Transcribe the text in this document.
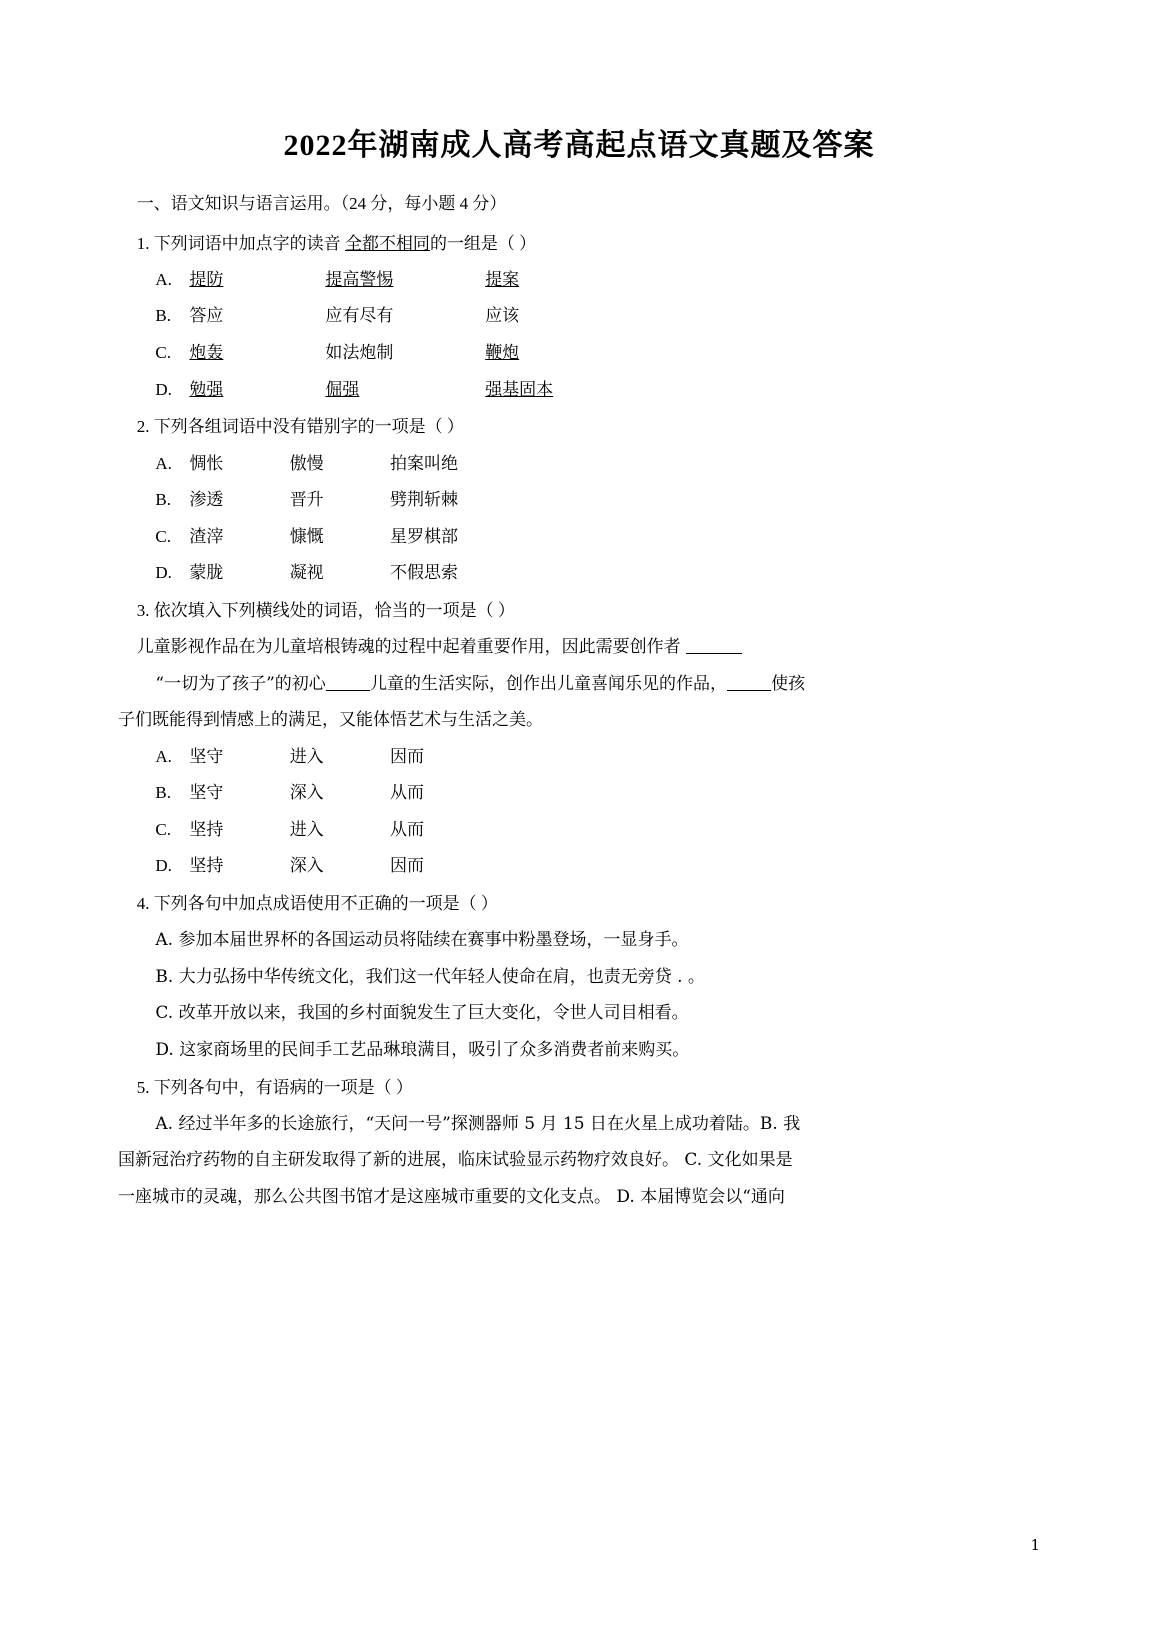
2022年湖南成人高考高起点语文真题及答案

一、语文知识与语言运用。（24 分，每小题 4 分）

1. 下列词语中加点字的读音 全都不相同的一组是（ ）

A.	提防	提高警惕	提案
B.	答应	应有尽有	应该
C.	炮轰	如法炮制	鞭炮
D.	勉强	倔强	强基固本

2. 下列各组词语中没有错别字的一项是（ ）

A.	惆怅	傲慢	拍案叫绝
B.	渗透	晋升	劈荆斩棘
C.	渣滓	慷慨	星罗棋部
D.	蒙胧	凝视	不假思索

3. 依次填入下列横线处的词语，恰当的一项是（ ）

儿童影视作品在为儿童培根铸魂的过程中起着重要作用，因此需要创作者

“一切为了孩子”的初心	儿童的生活实际，创作出儿童喜闻乐见的作品，	使孩

子们既能得到情感上的满足，又能体悟艺术与生活之美。

A.	坚守	进入	因而
B.	坚守	深入	从而
C.	坚持	进入	从而
D.	坚持	深入	因而

4. 下列各句中加点成语使用不正确的一项是（ ）

A. 参加本届世界杯的各国运动员将陆续在赛事中粉墨登场，一显身手。

B. 大力弘扬中华传统文化，我们这一代年轻人使命在肩，也责无旁贷 . 。

C. 改革开放以来，我国的乡村面貌发生了巨大变化，令世人司目相看。

D. 这家商场里的民间手工艺品琳琅满目，吸引了众多消费者前来购买。

5. 下列各句中，有语病的一项是（ ）

A. 经过半年多的长途旅行，“天问一号”探测器师 5 月 15 日在火星上成功着陆。B. 我

国新冠治疗药物的自主研发取得了新的进展，临床试验显示药物疗效良好。 C. 文化如果是

一座城市的灵魂，那么公共图书馆才是这座城市重要的文化支点。 D. 本届博览会以“通向

1
